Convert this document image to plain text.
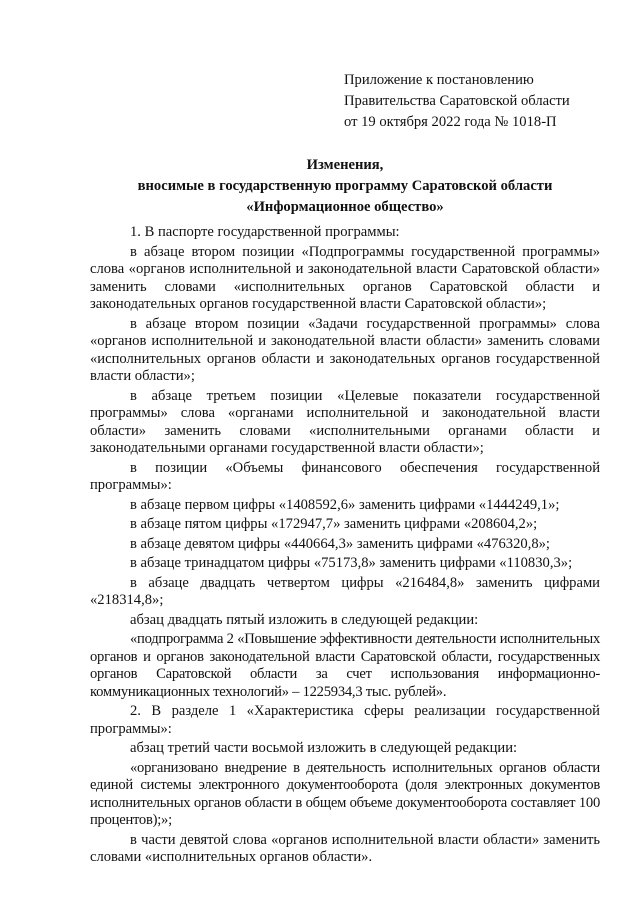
Приложение к постановлению
Правительства Саратовской области
от 19 октября 2022 года № 1018-П
Изменения,
вносимые в государственную программу Саратовской области
«Информационное общество»

1. В паспорте государственной программы:

в абзаце втором позиции «Подпрограммы государственной программы» слова «органов исполнительной и законодательной власти Саратовской области» заменить словами «исполнительных органов Саратовской области и законодательных органов государственной власти Саратовской области»;

в абзаце втором позиции «Задачи государственной программы» слова «органов исполнительной и законодательной власти области» заменить словами «исполнительных органов области и законодательных органов государственной власти области»;

в абзаце третьем позиции «Целевые показатели государственной программы» слова «органами исполнительной и законодательной власти области» заменить словами «исполнительными органами области и законодательными органами государственной власти области»;

в позиции «Объемы финансового обеспечения государственной программы»:

в абзаце первом цифры «1408592,6» заменить цифрами «1444249,1»;

в абзаце пятом цифры «172947,7» заменить цифрами «208604,2»;

в абзаце девятом цифры «440664,3» заменить цифрами «476320,8»;

в абзаце тринадцатом цифры «75173,8» заменить цифрами «110830,3»;

в абзаце двадцать четвертом цифры «216484,8» заменить цифрами «218314,8»;

абзац двадцать пятый изложить в следующей редакции:

«подпрограмма 2 «Повышение эффективности деятельности исполнительных органов и органов законодательной власти Саратовской области, государственных органов Саратовской области за счет использования информационно-коммуникационных технологий» – 1225934,3 тыс. рублей».

2. В разделе 1 «Характеристика сферы реализации государственной программы»:

абзац третий части восьмой изложить в следующей редакции:

«организовано внедрение в деятельность исполнительных органов области единой системы электронного документооборота (доля электронных документов исполнительных органов области в общем объеме документооборота составляет 100 процентов);»;

в части девятой слова «органов исполнительной власти области» заменить словами «исполнительных органов области».
